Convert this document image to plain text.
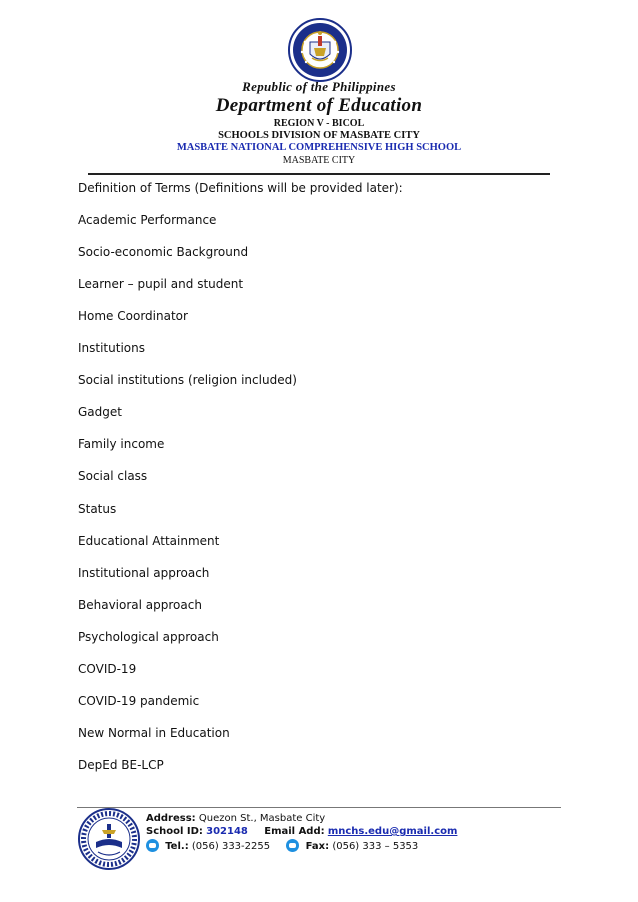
Republic of the Philippines
Department of Education
REGION V - BICOL
SCHOOLS DIVISION OF MASBATE CITY
MASBATE NATIONAL COMPREHENSIVE HIGH SCHOOL
MASBATE CITY
Definition of Terms (Definitions will be provided later):
Academic Performance
Socio-economic Background
Learner – pupil and student
Home Coordinator
Institutions
Social institutions (religion included)
Gadget
Family income
Social class
Status
Educational Attainment
Institutional approach
Behavioral approach
Psychological approach
COVID-19
COVID-19 pandemic
New Normal in Education
DepEd BE-LCP
Address: Quezon St., Masbate City
School ID: 302148 Email Add: mnchs.edu@gmail.com
Tel.: (056) 333-2255	Fax: (056) 333 – 5353
